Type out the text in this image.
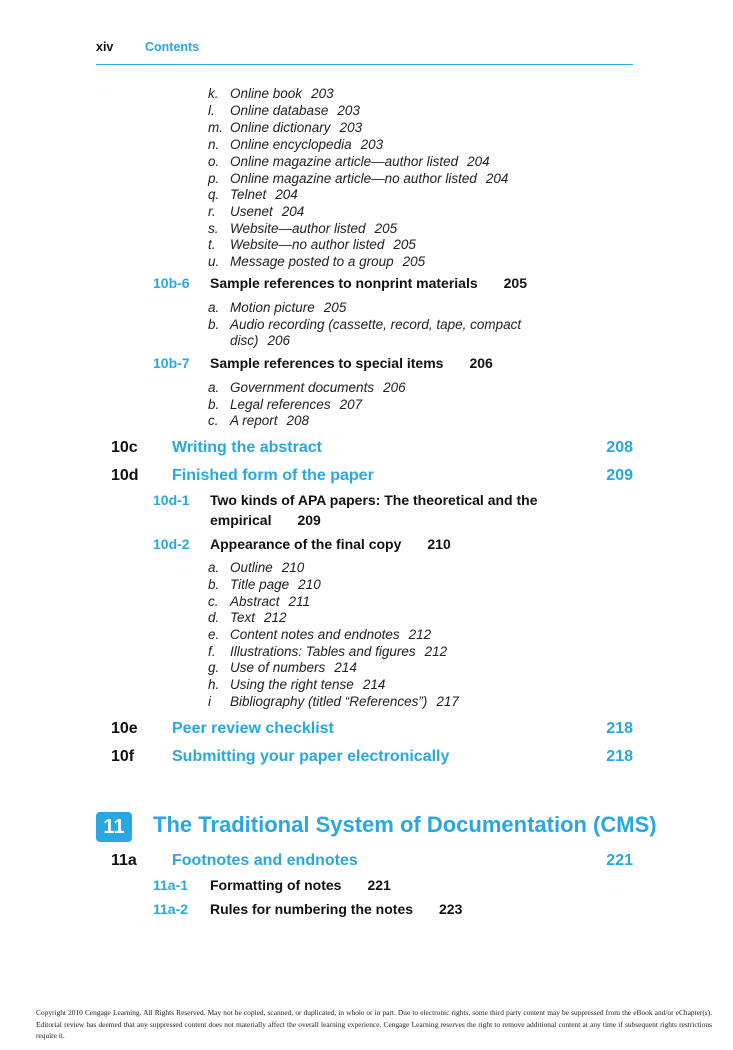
xiv	Contents
k. Online book 203
l. Online database 203
m. Online dictionary 203
n. Online encyclopedia 203
o. Online magazine article—author listed 204
p. Online magazine article—no author listed 204
q. Telnet 204
r. Usenet 204
s. Website—author listed 205
t. Website—no author listed 205
u. Message posted to a group 205
10b-6 Sample references to nonprint materials 205
a. Motion picture 205
b. Audio recording (cassette, record, tape, compact
disc) 206
10b-7 Sample references to special items 206
a. Government documents 206
b. Legal references 207
c. A report 208
10c Writing the abstract	208
10d Finished form of the paper	209
10d-1 Two kinds of APA papers: The theoretical and the
empirical 209
10d-2 Appearance of the final copy 210
a. Outline 210
b. Title page 210
c. Abstract 211
d. Text 212
e. Content notes and endnotes 212
f. Illustrations: Tables and figures 212
g. Use of numbers 214
h. Using the right tense 214
i Bibliography (titled “References”) 217
10e Peer review checklist	218
10f Submitting your paper electronically	218
11	The Traditional System of Documentation (CMS)
11a Footnotes and endnotes	221
11a-1 Formatting of notes 221
11a-2 Rules for numbering the notes 223
Copyright 2010 Cengage Learning. All Rights Reserved. May not be copied, scanned, or duplicated, in whole or in part. Due to electronic rights, some third party content may be suppressed from the eBook and/or eChapter(s). Editorial review has deemed that any suppressed content does not materially affect the overall learning experience. Cengage Learning reserves the right to remove additional content at any time if subsequent rights restrictions require it.
